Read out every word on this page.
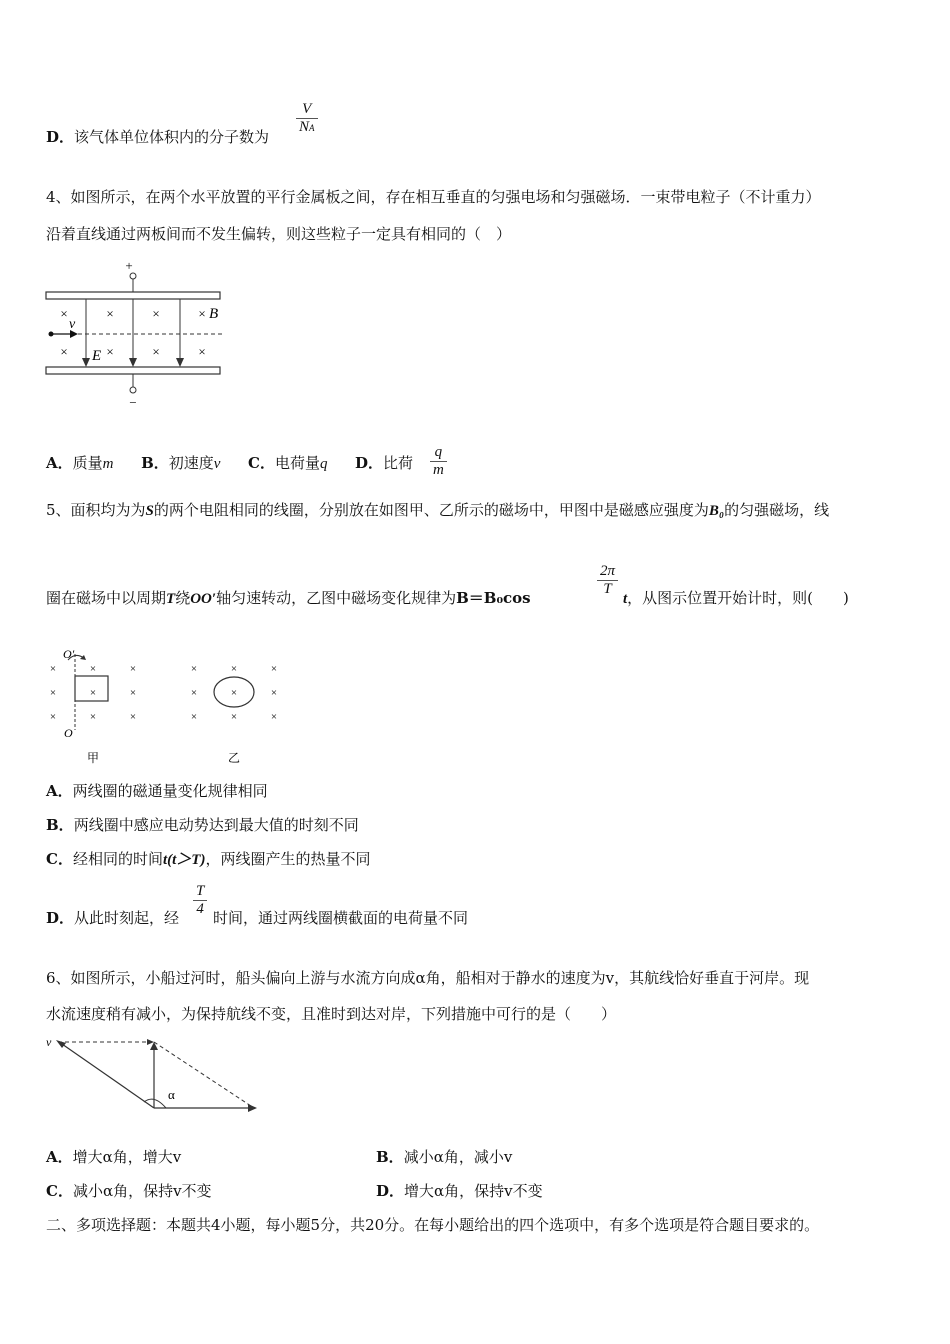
D．该气体单位体积内的分子数为 $\frac{V}{NA}$
4、如图所示，在两个水平放置的平行金属板之间，存在相互垂直的匀强电场和匀强磁场．一束带电粒子（不计重力）
沿着直线通过两板间而不发生偏转，则这些粒子一定具有相同的（　）
+
−
v
×	×	×	× B
×	×	×	×
E
A．质量m B．初速度v C．电荷量q D．比荷 $\frac{q}{m}$
5、面积均为为S的两个电阻相同的线圈，分别放在如图甲、乙所示的磁场中，甲图中是磁感应强度为B₀的匀强磁场，线
圈在磁场中以周期T绕OO′轴匀速转动，乙图中磁场变化规律为B＝B₀cos	$\frac{2\pi}{T}$
t，从图示位置开始计时，则(　　)
×	×	×
×	×	×
×	×	×
O′
O
甲
×	×	×
×	×	×
×	×	×
乙
A．两线圈的磁通量变化规律相同
B．两线圈中感应电动势达到最大值的时刻不同
C．经相同的时间t(t＞T)，两线圈产生的热量不同
D．从此时刻起，经 $\frac{T}{4}$ 时间，通过两线圈横截面的电荷量不同
6、如图所示，小船过河时，船头偏向上游与水流方向成α角，船相对于静水的速度为v，其航线恰好垂直于河岸。现
水流速度稍有减小，为保持航线不变，且准时到达对岸，下列措施中可行的是（　　）
v
α
A．增大α角，增大v	B．减小α角，减小v
C．减小α角，保持v不变	D．增大α角，保持v不变
二、多项选择题：本题共4小题，每小题5分，共20分。在每小题给出的四个选项中，有多个选项是符合题目要求的。
